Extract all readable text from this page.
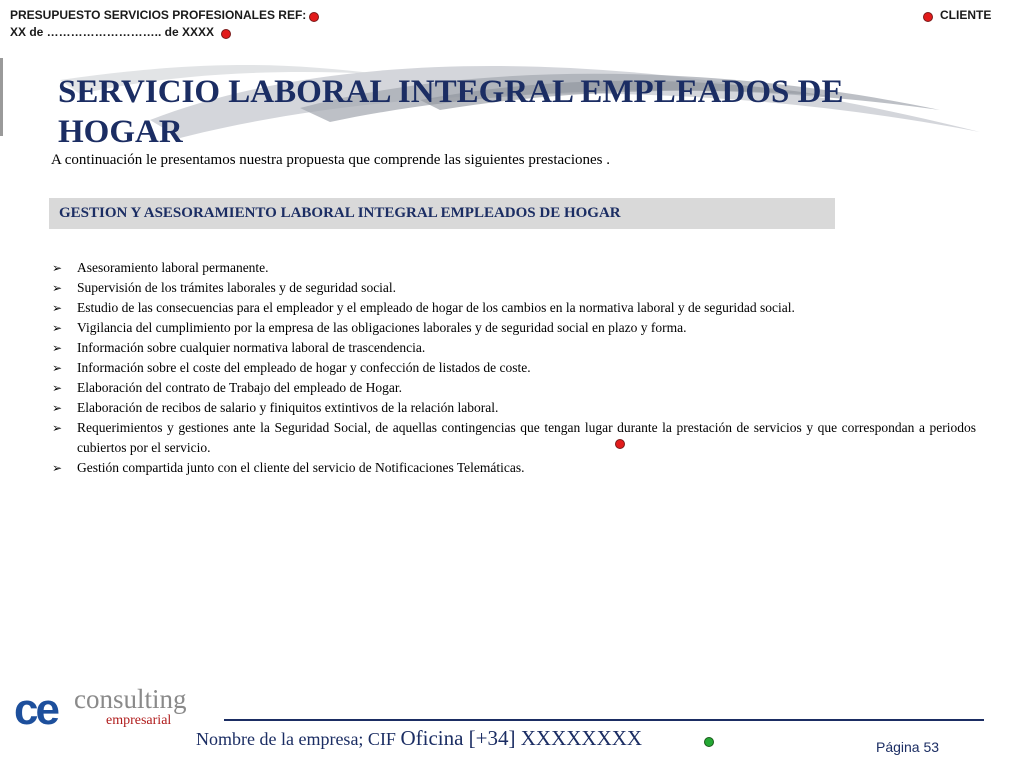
PRESUPUESTO SERVICIOS PROFESIONALES REF:
XX de ……………………….. de XXXX
CLIENTE
SERVICIO LABORAL INTEGRAL EMPLEADOS DE HOGAR
A continuación le presentamos nuestra propuesta que comprende las siguientes prestaciones .
GESTION Y ASESORAMIENTO LABORAL INTEGRAL EMPLEADOS DE HOGAR
➢ Asesoramiento laboral permanente.
➢ Supervisión de los trámites laborales y de seguridad social.
➢ Estudio de las consecuencias para el empleador y el empleado de hogar de los cambios en la normativa laboral y de seguridad social.
➢ Vigilancia del cumplimiento por la empresa de las obligaciones laborales y de seguridad social en plazo y forma.
➢ Información sobre cualquier normativa laboral de trascendencia.
➢ Información sobre el coste del empleado de hogar y confección de listados de coste.
➢ Elaboración del contrato de Trabajo del empleado de Hogar.
➢ Elaboración de recibos de salario y finiquitos extintivos de la relación laboral.
➢ Requerimientos y gestiones ante la Seguridad Social, de aquellas contingencias que tengan lugar durante la prestación de servicios y que correspondan a periodos cubiertos por el servicio.
➢ Gestión compartida junto con el cliente del servicio de Notificaciones Telemáticas.
ce consulting
empresarial
Nombre de la empresa; CIF Oficina [+34] XXXXXXXX	Página 53
